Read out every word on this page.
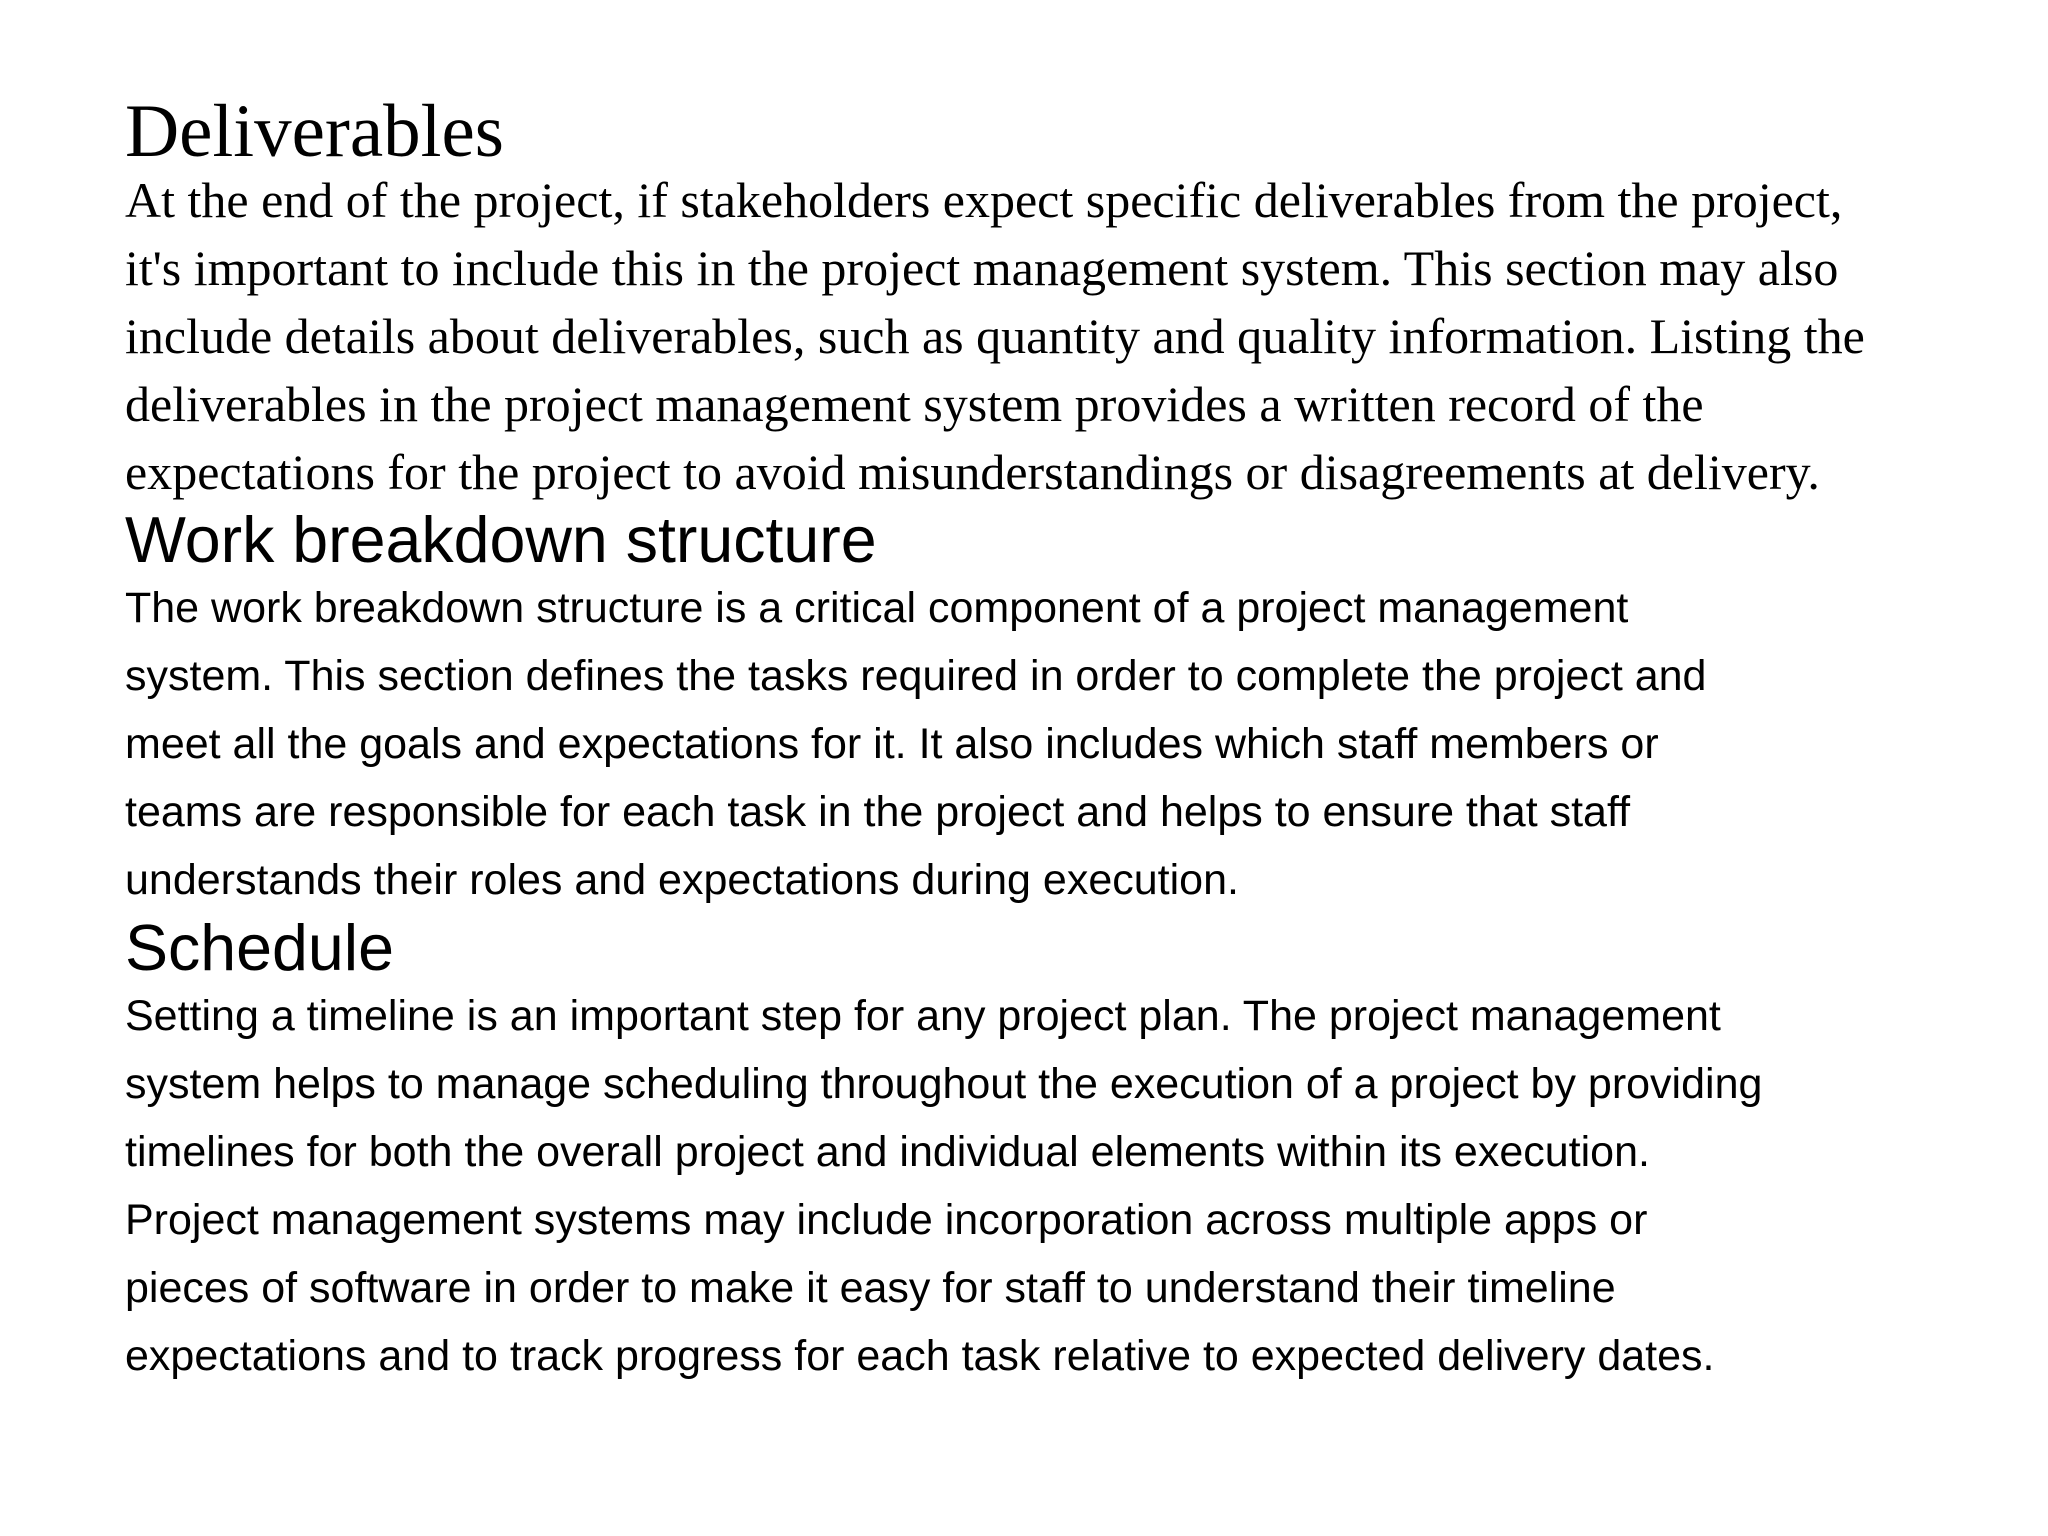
Deliverables

At the end of the project, if stakeholders expect specific deliverables from the project,
it's important to include this in the project management system. This section may also
include details about deliverables, such as quantity and quality information. Listing the
deliverables in the project management system provides a written record of the
expectations for the project to avoid misunderstandings or disagreements at delivery.

Work breakdown structure

The work breakdown structure is a critical component of a project management
system. This section defines the tasks required in order to complete the project and
meet all the goals and expectations for it. It also includes which staff members or
teams are responsible for each task in the project and helps to ensure that staff
understands their roles and expectations during execution.

Schedule

Setting a timeline is an important step for any project plan. The project management
system helps to manage scheduling throughout the execution of a project by providing
timelines for both the overall project and individual elements within its execution.
Project management systems may include incorporation across multiple apps or
pieces of software in order to make it easy for staff to understand their timeline
expectations and to track progress for each task relative to expected delivery dates.
